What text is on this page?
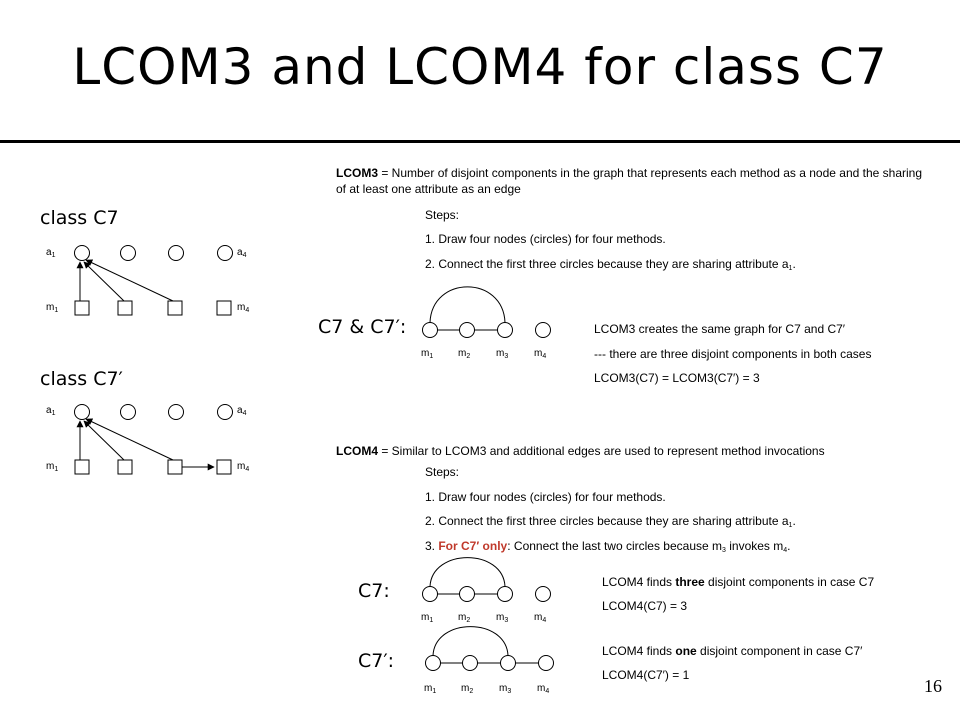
LCOM3 and LCOM4 for class C7
class C7
$a_1$	$a_4$
$m_1$	$m_4$
class C7′
$a_1$	$a_4$
$m_1$	$m_4$
LCOM3 = Number of disjoint components in the graph that represents each method as a node and the sharing of at least one attribute as an edge
Steps:
1. Draw four nodes (circles) for four methods.
2. Connect the first three circles because they are sharing attribute $a_1$.
C7 & C7′:
$m_1$ $m_2$	$m_3$	$m_4$
LCOM3 creates the same graph for C7 and C7′
--- there are three disjoint components in both cases
LCOM3(C7) = LCOM3(C7′) = 3
LCOM4 = Similar to LCOM3 and additional edges are used to represent method invocations
Steps:
1. Draw four nodes (circles) for four methods.
2. Connect the first three circles because they are sharing attribute $a_1$.
3. For C7′ only: Connect the last two circles because $m_3$ invokes $m_4$.
C7:
$m_1$ $m_2$	$m_3$	$m_4$
LCOM4 finds three disjoint components in case C7
LCOM4(C7) = 3
C7′:
$m_1$ $m_2$	$m_3$	$m_4$
LCOM4 finds one disjoint component in case C7′
LCOM4(C7′) = 1
16
